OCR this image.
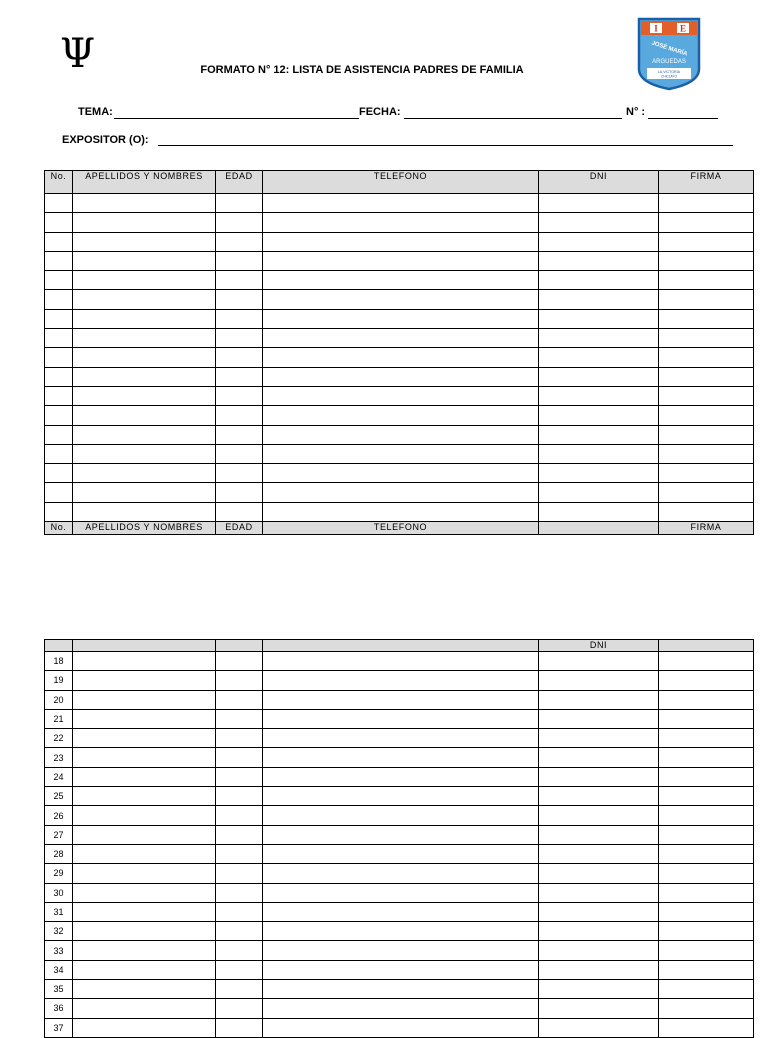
Ψ	FORMATO N° 12: LISTA DE ASISTENCIA PADRES DE FAMILIA
I E
JOSÉ MARÍA
ARGUEDAS
LA VICTORIA
CHICLAYO
TEMA:	FECHA:	N° :
EXPOSITOR (O):
No.	APELLIDOS Y NOMBRES	EDAD	TELEFONO	DNI	FIRMA

No.	APELLIDOS Y NOMBRES	EDAD	TELEFONO		FIRMA
				DNI	
18					
19					
20					
21					
22					
23					
24					
25					
26					
27					
28					
29					
30					
31					
32					
33					
34					
35					
36					
37					
